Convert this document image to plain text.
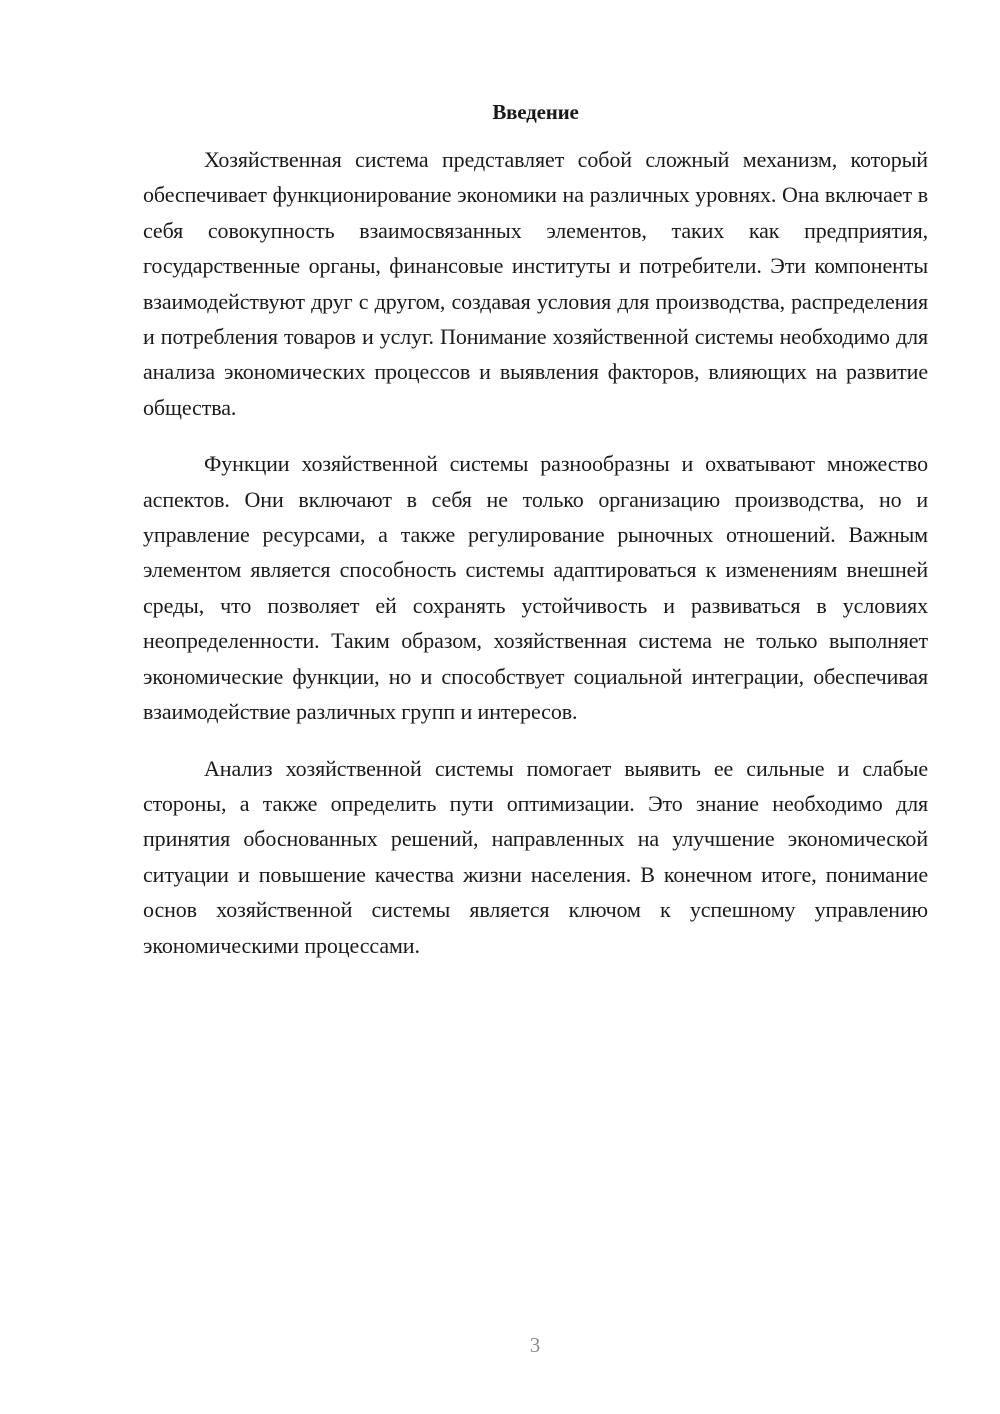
Введение

Хозяйственная система представляет собой сложный механизм, который обеспечивает функционирование экономики на различных уровнях. Она включает в себя совокупность взаимосвязанных элементов, таких как предприятия, государственные органы, финансовые институты и потребители. Эти компоненты взаимодействуют друг с другом, создавая условия для производства, распределения и потребления товаров и услуг. Понимание хозяйственной системы необходимо для анализа экономических процессов и выявления факторов, влияющих на развитие общества.

Функции хозяйственной системы разнообразны и охватывают множество аспектов. Они включают в себя не только организацию производства, но и управление ресурсами, а также регулирование рыночных отношений. Важным элементом является способность системы адаптироваться к изменениям внешней среды, что позволяет ей сохранять устойчивость и развиваться в условиях неопределенности. Таким образом, хозяйственная система не только выполняет экономические функции, но и способствует социальной интеграции, обеспечивая взаимодействие различных групп и интересов.

Анализ хозяйственной системы помогает выявить ее сильные и слабые стороны, а также определить пути оптимизации. Это знание необходимо для принятия обоснованных решений, направленных на улучшение экономической ситуации и повышение качества жизни населения. В конечном итоге, понимание основ хозяйственной системы является ключом к успешному управлению экономическими процессами.

3
